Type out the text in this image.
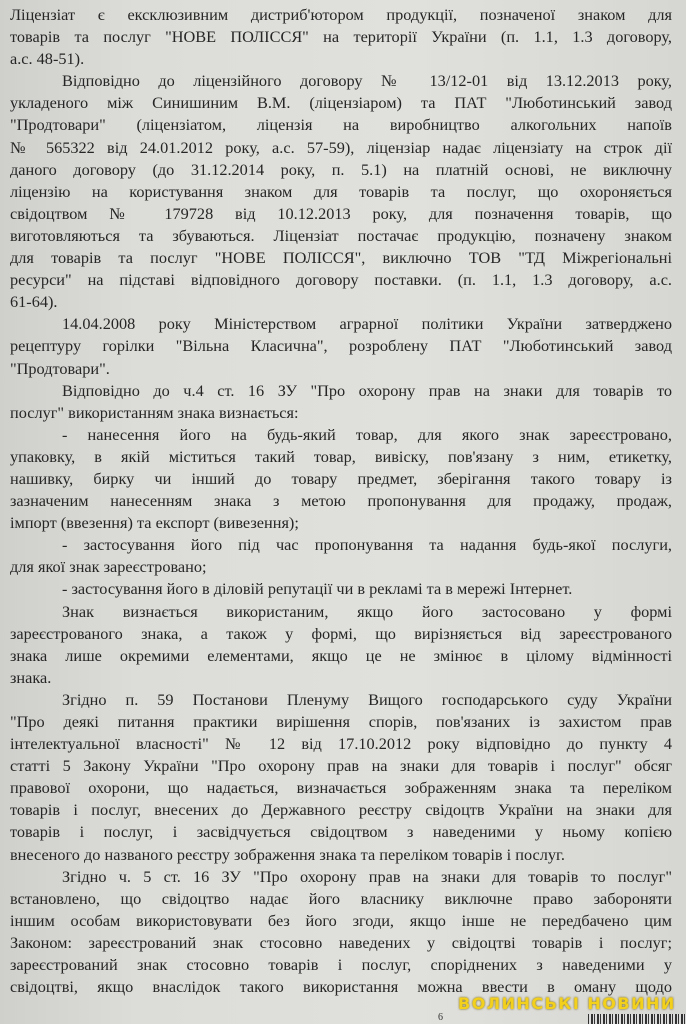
Ліцензіат є ексклюзивним дистриб'ютором продукції, позначеної знаком для
товарів та послуг "НОВЕ ПОЛІССЯ" на території України (п. 1.1, 1.3 договору,
а.с. 48-51).
Відповідно до ліцензійного договору № 13/12-01 від 13.12.2013 року,
укладеного між Синишиним В.М. (ліцензіаром) та ПАТ "Люботинський завод
"Продтовари" (ліцензіатом, ліцензія на виробництво алкогольних напоїв
№ 565322 від 24.01.2012 року, а.с. 57-59), ліцензіар надає ліцензіату на строк дії
даного договору (до 31.12.2014 року, п. 5.1) на платній основі, не виключну
ліцензію на користування знаком для товарів та послуг, що охороняється
свідоцтвом № 179728 від 10.12.2013 року, для позначення товарів, що
виготовляються та збуваються. Ліцензіат постачає продукцію, позначену знаком
для товарів та послуг "НОВЕ ПОЛІССЯ", виключно ТОВ "ТД Міжрегіональні
ресурси" на підставі відповідного договору поставки. (п. 1.1, 1.3 договору, а.с.
61-64).
14.04.2008 року Міністерством аграрної політики України затверджено
рецептуру горілки "Вільна Класична", розроблену ПАТ "Люботинський завод
"Продтовари".
Відповідно до ч.4 ст. 16 ЗУ "Про охорону прав на знаки для товарів то
послуг" використанням знака визнається:
- нанесення його на будь-який товар, для якого знак зареєстровано,
упаковку, в якій міститься такий товар, вивіску, пов'язану з ним, етикетку,
нашивку, бирку чи інший до товару предмет, зберігання такого товару із
зазначеним нанесенням знака з метою пропонування для продажу, продаж,
імпорт (ввезення) та експорт (вивезення);
- застосування його під час пропонування та надання будь-якої послуги,
для якої знак зареєстровано;
- застосування його в діловій репутації чи в рекламі та в мережі Інтернет.
Знак визнається використаним, якщо його застосовано у формі
зареєстрованого знака, а також у формі, що вирізняється від зареєстрованого
знака лише окремими елементами, якщо це не змінює в цілому відмінності
знака.
Згідно п. 59 Постанови Пленуму Вищого господарського суду України
"Про деякі питання практики вирішення спорів, пов'язаних із захистом прав
інтелектуальної власності" № 12 від 17.10.2012 року відповідно до пункту 4
статті 5 Закону України "Про охорону прав на знаки для товарів і послуг" обсяг
правової охорони, що надається, визначається зображенням знака та переліком
товарів і послуг, внесених до Державного реєстру свідоцтв України на знаки для
товарів і послуг, і засвідчується свідоцтвом з наведеними у ньому копією
внесеного до названого реєстру зображення знака та переліком товарів і послуг.
Згідно ч. 5 ст. 16 ЗУ "Про охорону прав на знаки для товарів то послуг"
встановлено, що свідоцтво надає його власнику виключне право забороняти
іншим особам використовувати без його згоди, якщо інше не передбачено цим
Законом: зареєстрований знак стосовно наведених у свідоцтві товарів і послуг;
зареєстрований знак стосовно товарів і послуг, споріднених з наведеними у
свідоцтві, якщо внаслідок такого використання можна ввести в оману щодо
ВОЛИНСЬКІ НОВИНИ
6
